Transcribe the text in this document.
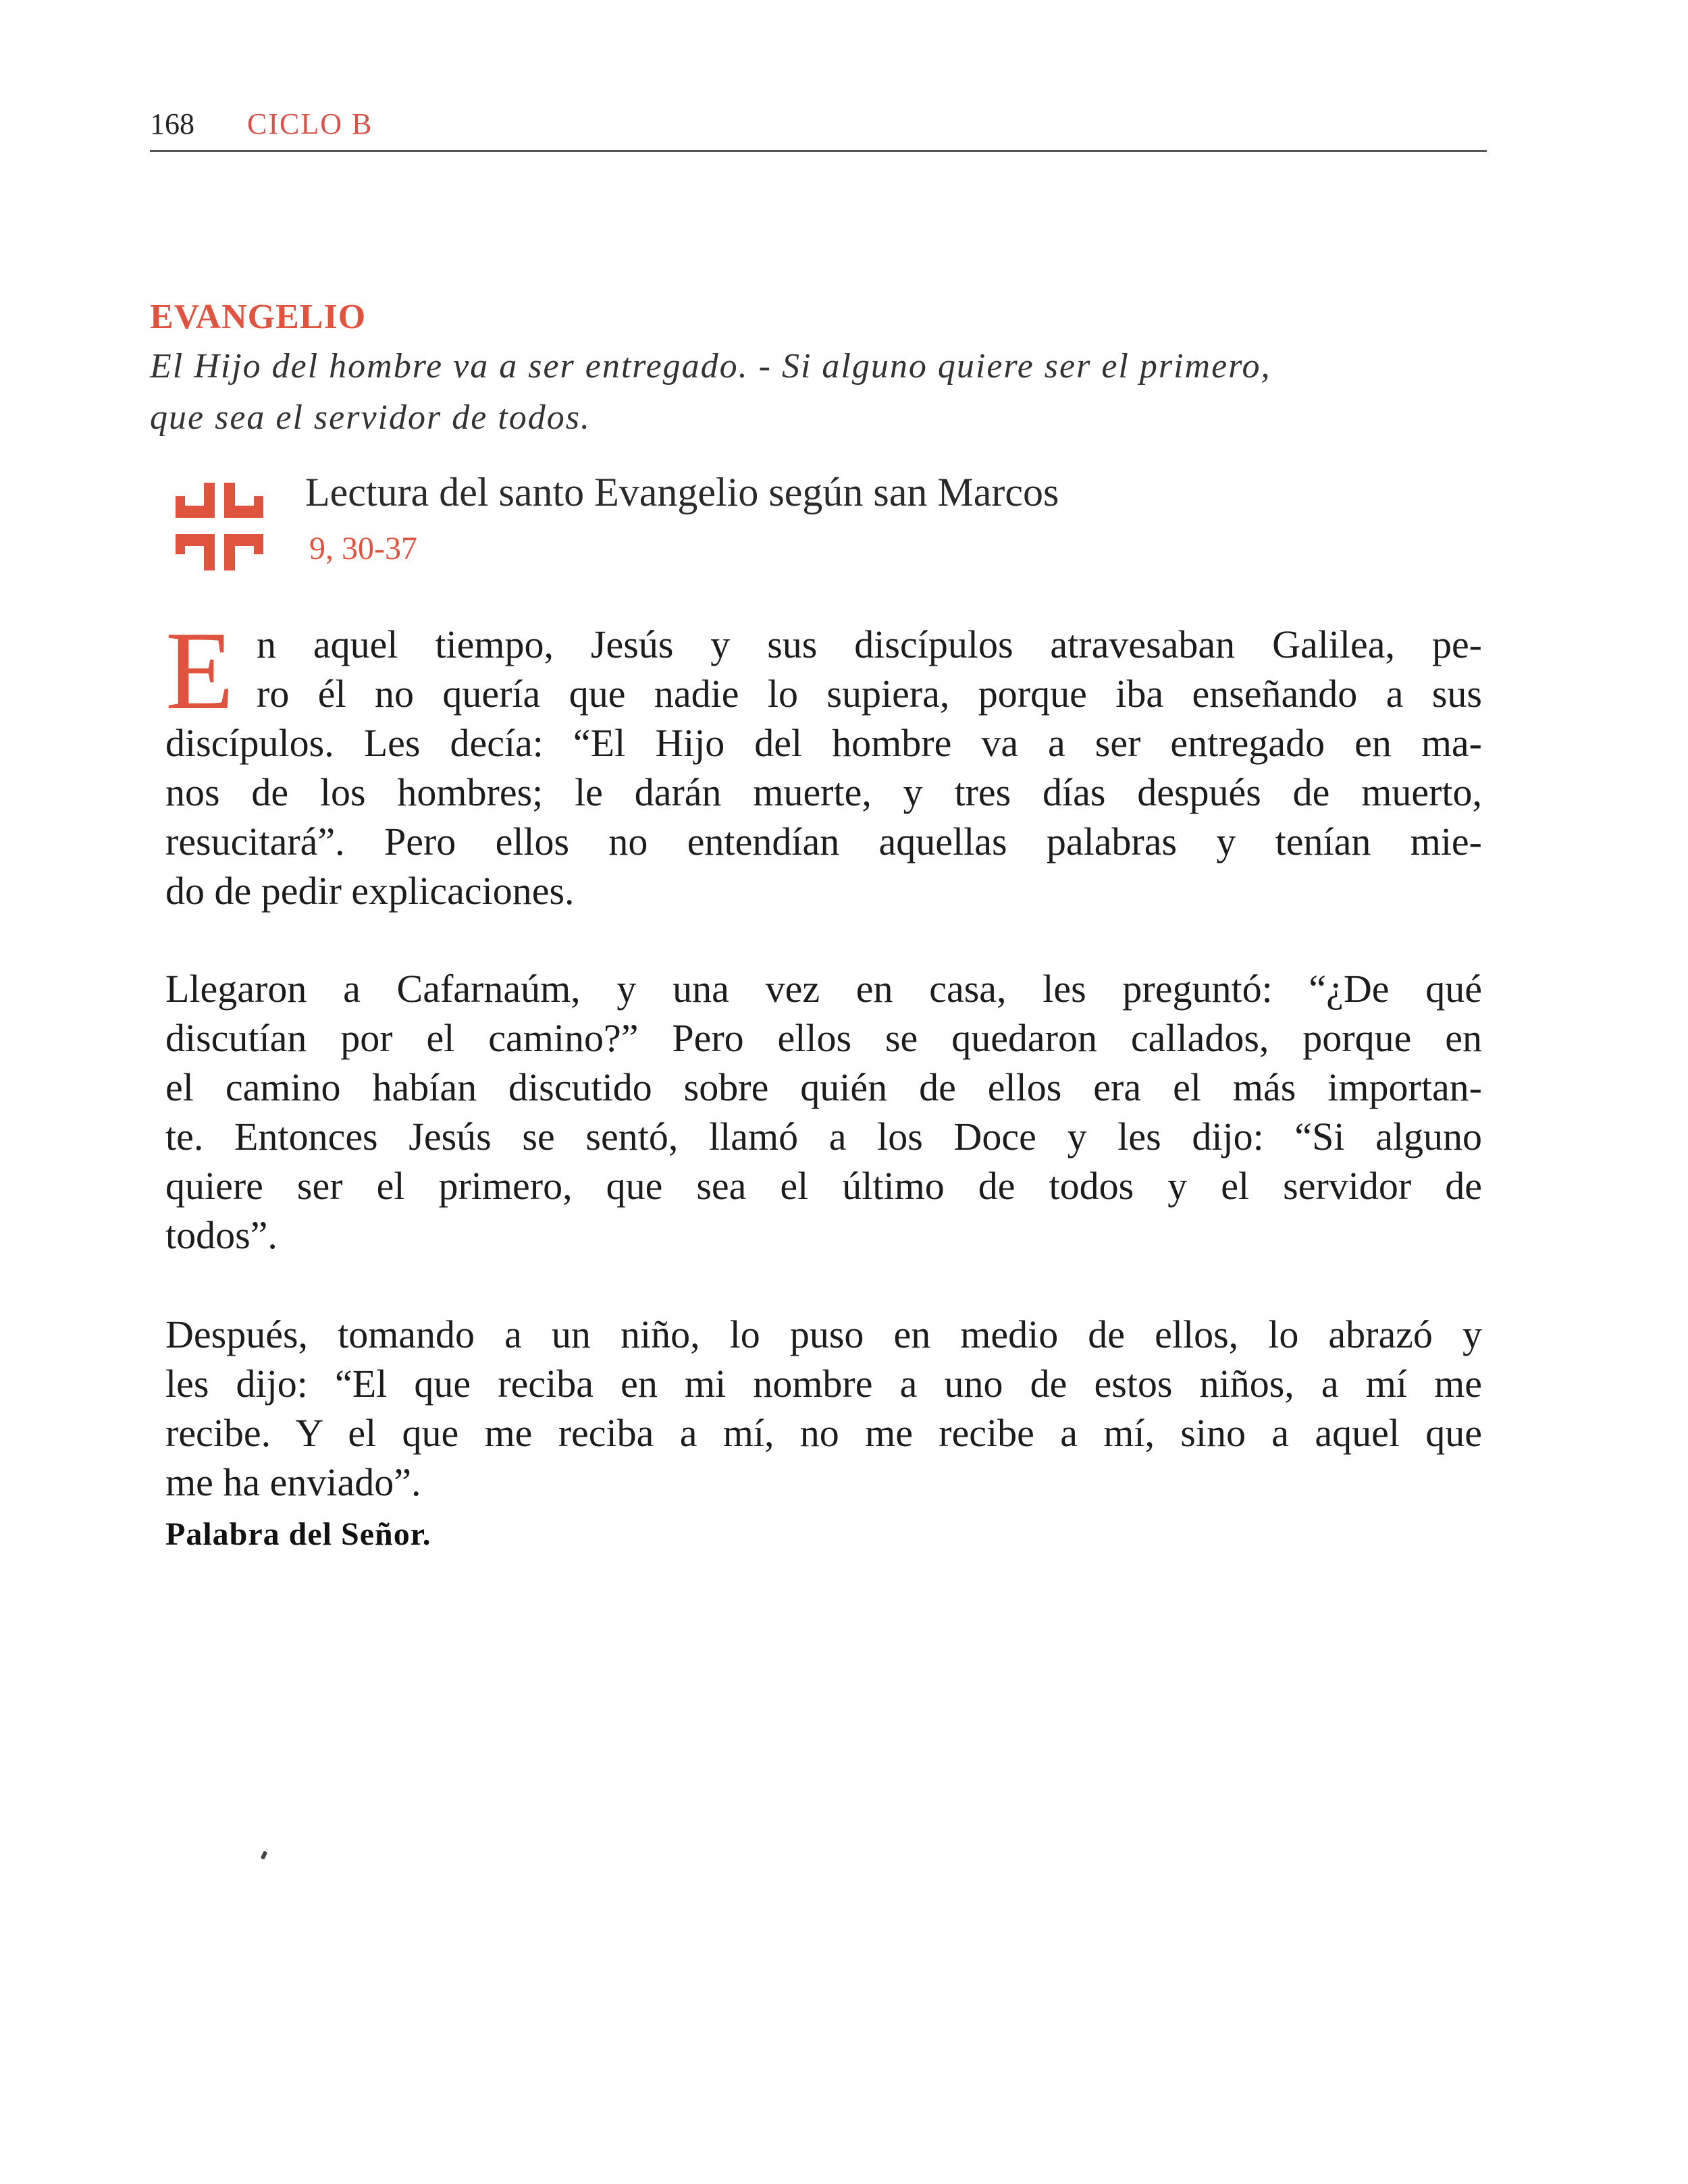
168 CICLO B
EVANGELIO
El Hijo del hombre va a ser entregado. - Si alguno quiere ser el primero,
que sea el servidor de todos.
Lectura del santo Evangelio según san Marcos
9, 30-37
E n aquel tiempo, Jesús y sus discípulos atravesaban Galilea, pe-
ro él no quería que nadie lo supiera, porque iba enseñando a sus
discípulos. Les decía: “El Hijo del hombre va a ser entregado en ma-
nos de los hombres; le darán muerte, y tres días después de muerto,
resucitará”. Pero ellos no entendían aquellas palabras y tenían mie-
do de pedir explicaciones.
Llegaron a Cafarnaúm, y una vez en casa, les preguntó: “¿De qué
discutían por el camino?” Pero ellos se quedaron callados, porque en
el camino habían discutido sobre quién de ellos era el más importan-
te. Entonces Jesús se sentó, llamó a los Doce y les dijo: “Si alguno
quiere ser el primero, que sea el último de todos y el servidor de
todos”.
Después, tomando a un niño, lo puso en medio de ellos, lo abrazó y
les dijo: “El que reciba en mi nombre a uno de estos niños, a mí me
recibe. Y el que me reciba a mí, no me recibe a mí, sino a aquel que
me ha enviado”.
Palabra del Señor.
